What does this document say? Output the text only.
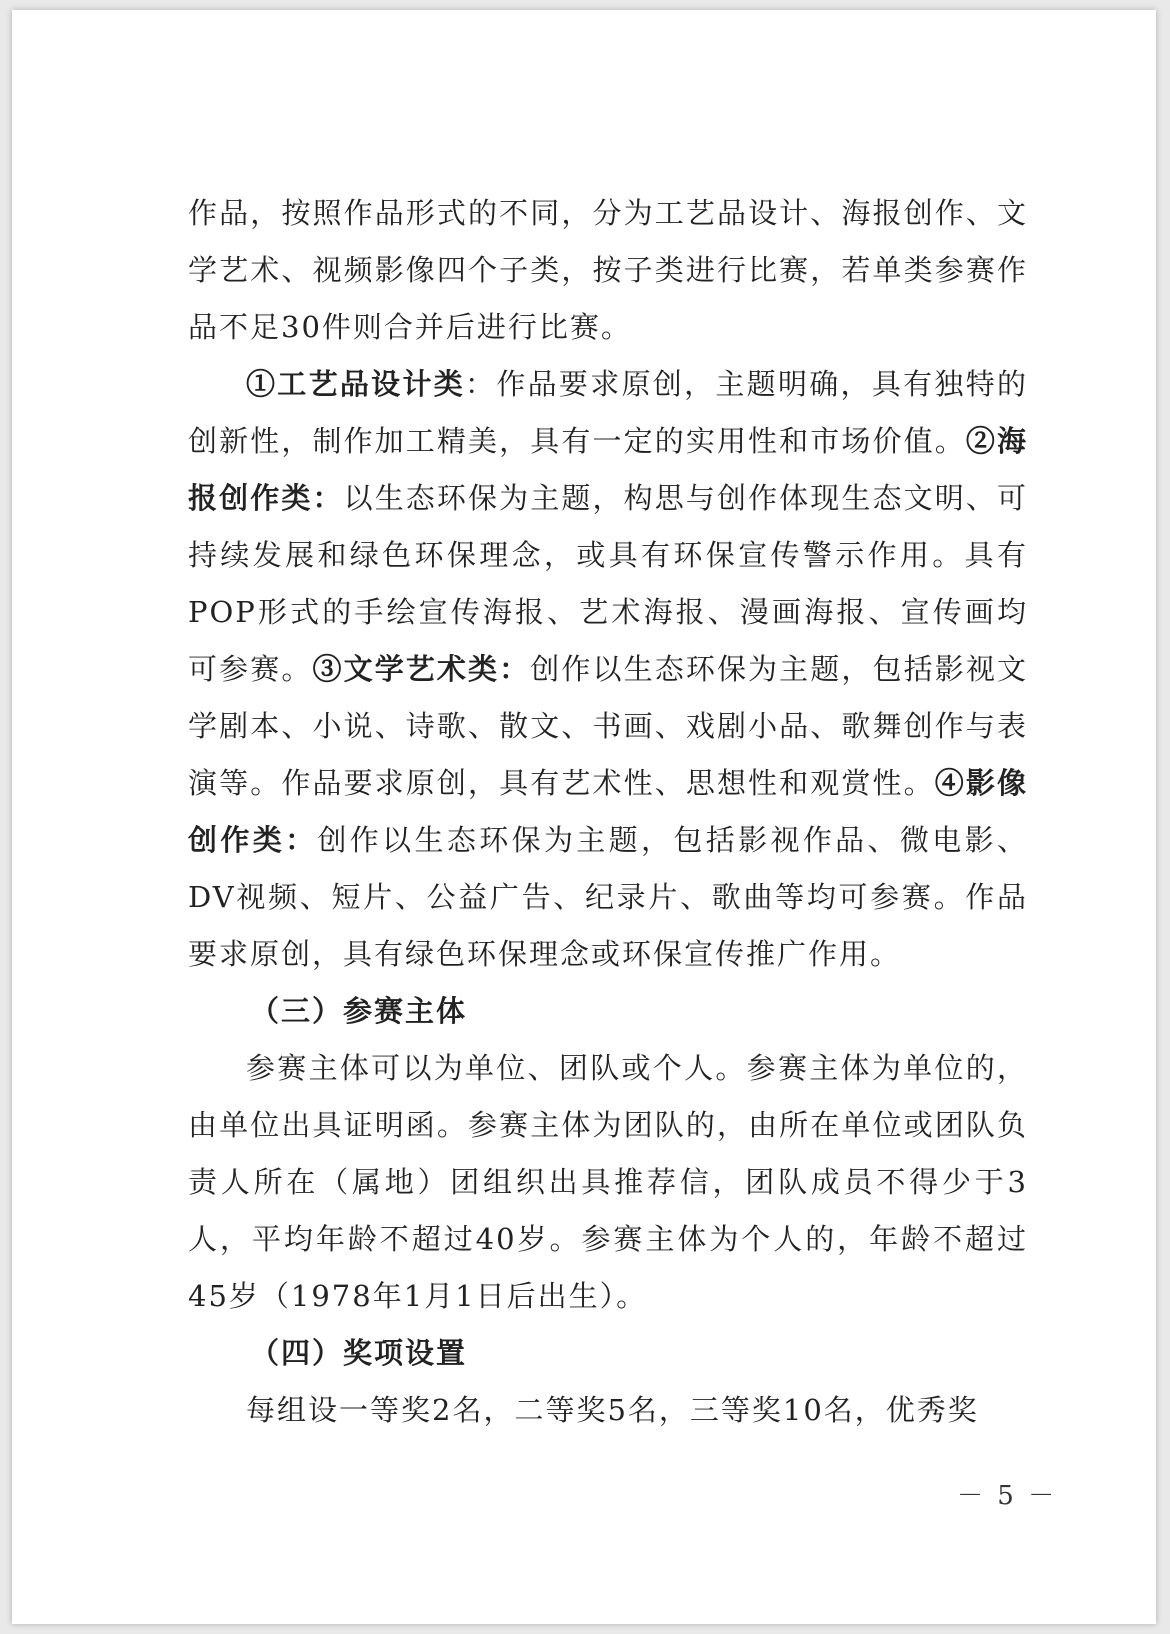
作品，按照作品形式的不同，分为工艺品设计、海报创作、文学艺术、视频影像四个子类，按子类进行比赛，若单类参赛作品不足30件则合并后进行比赛。

①工艺品设计类：作品要求原创，主题明确，具有独特的创新性，制作加工精美，具有一定的实用性和市场价值。②海报创作类：以生态环保为主题，构思与创作体现生态文明、可持续发展和绿色环保理念，或具有环保宣传警示作用。具有POP形式的手绘宣传海报、艺术海报、漫画海报、宣传画均可参赛。③文学艺术类：创作以生态环保为主题，包括影视文学剧本、小说、诗歌、散文、书画、戏剧小品、歌舞创作与表演等。作品要求原创，具有艺术性、思想性和观赏性。④影像创作类：创作以生态环保为主题，包括影视作品、微电影、DV视频、短片、公益广告、纪录片、歌曲等均可参赛。作品要求原创，具有绿色环保理念或环保宣传推广作用。

（三）参赛主体

参赛主体可以为单位、团队或个人。参赛主体为单位的，由单位出具证明函。参赛主体为团队的，由所在单位或团队负责人所在（属地）团组织出具推荐信，团队成员不得少于3人，平均年龄不超过40岁。参赛主体为个人的，年龄不超过45岁（1978年1月1日后出生）。

（四）奖项设置

每组设一等奖2名，二等奖5名，三等奖10名，优秀奖

－ 5 －
